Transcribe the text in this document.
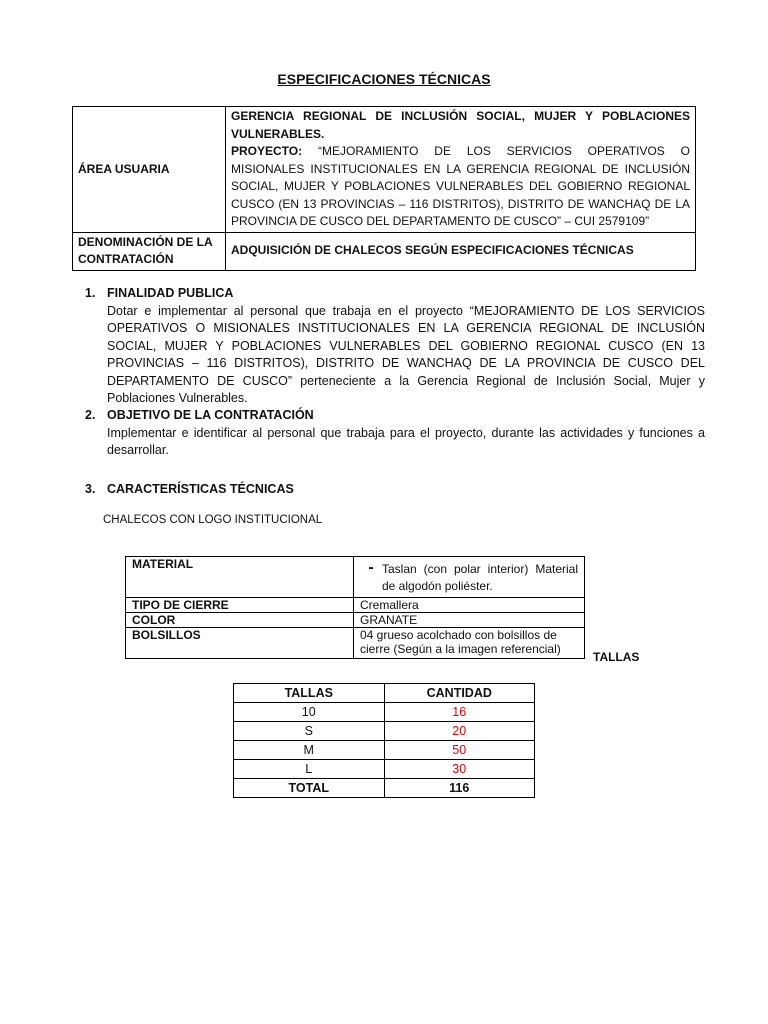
ESPECIFICACIONES TÉCNICAS
ÁREA USUARIA	GERENCIA REGIONAL DE INCLUSIÓN SOCIAL, MUJER Y POBLACIONES VULNERABLES.
PROYECTO: “MEJORAMIENTO DE LOS SERVICIOS OPERATIVOS O MISIONALES INSTITUCIONALES EN LA GERENCIA REGIONAL DE INCLUSIÓN SOCIAL, MUJER Y POBLACIONES VULNERABLES DEL GOBIERNO REGIONAL CUSCO (EN 13 PROVINCIAS – 116 DISTRITOS), DISTRITO DE WANCHAQ DE LA PROVINCIA DE CUSCO DEL DEPARTAMENTO DE CUSCO” – CUI 2579109”

DENOMINACIÓN DE LA CONTRATACIÓN	ADQUISICIÓN DE CHALECOS SEGÚN ESPECIFICACIONES TÉCNICAS
1. FINALIDAD PUBLICA
Dotar e implementar al personal que trabaja en el proyecto “MEJORAMIENTO DE LOS SERVICIOS OPERATIVOS O MISIONALES INSTITUCIONALES EN LA GERENCIA REGIONAL DE INCLUSIÓN SOCIAL, MUJER Y POBLACIONES VULNERABLES DEL GOBIERNO REGIONAL CUSCO (EN 13 PROVINCIAS – 116 DISTRITOS), DISTRITO DE WANCHAQ DE LA PROVINCIA DE CUSCO DEL DEPARTAMENTO DE CUSCO” perteneciente a la Gerencia Regional de Inclusión Social, Mujer y Poblaciones Vulnerables.
2. OBJETIVO DE LA CONTRATACIÓN
Implementar e identificar al personal que trabaja para el proyecto, durante las actividades y funciones a desarrollar.
3. CARACTERÍSTICAS TÉCNICAS
CHALECOS CON LOGO INSTITUCIONAL
MATERIAL	- Taslan (con polar interior) Material de algodón poliéster.

TIPO DE CIERRE	Cremallera
COLOR	GRANATE
BOLSILLOS	04 grueso acolchado con bolsillos de cierre (Según a la imagen referencial)
TALLAS
TALLAS	CANTIDAD
10	16
S	20
M	50
L	30
TOTAL	116
